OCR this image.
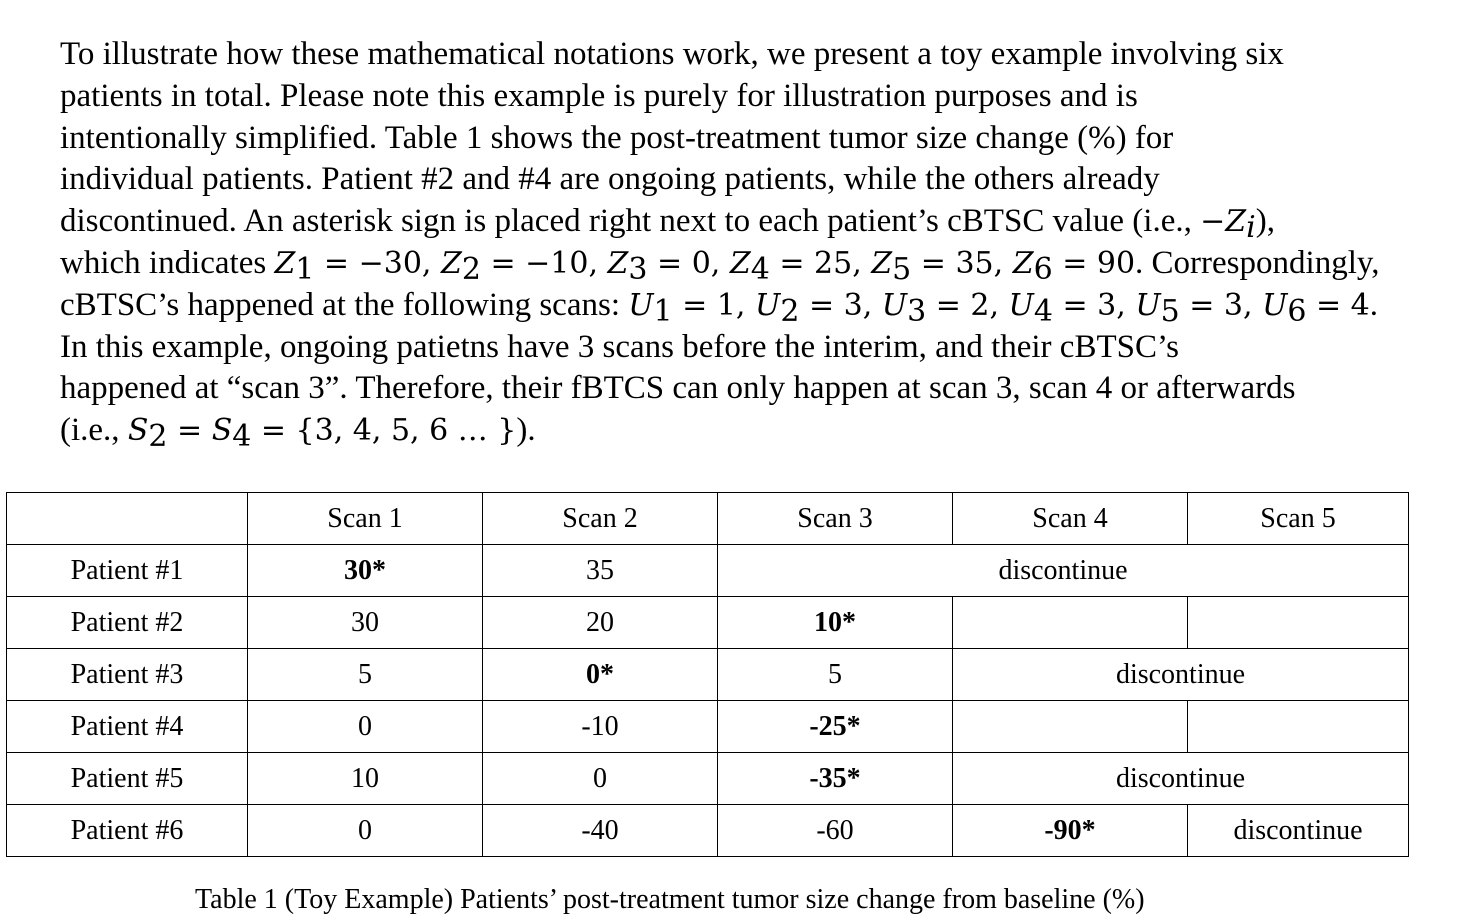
To illustrate how these mathematical notations work, we present a toy example involving six
patients in total. Please note this example is purely for illustration purposes and is
intentionally simplified. Table 1 shows the post-treatment tumor size change (%) for
individual patients. Patient #2 and #4 are ongoing patients, while the others already
discontinued. An asterisk sign is placed right next to each patient’s cBTSC value (i.e., $-Z_i$),
which indicates $Z_1 = -30$, $Z_2 = -10$, $Z_3 = 0$, $Z_4 = 25$, $Z_5 = 35$, $Z_6 = 90$. Correspondingly,
cBTSC’s happened at the following scans: $U_1 = 1$, $U_2 = 3$, $U_3 = 2$, $U_4 = 3$, $U_5 = 3$, $U_6 = 4$.
In this example, ongoing patietns have 3 scans before the interim, and their cBTSC’s
happened at “scan 3”. Therefore, their fBTCS can only happen at scan 3, scan 4 or afterwards
(i.e., $S_2 = S_4 = \{3$, 4, 5, 6 … }).
	Scan 1	Scan 2	Scan 3	Scan 4	Scan 5
Patient #1	30*	35	discontinue		
Patient #2	30	20	10*		
Patient #3	5	0*	5	discontinue	
Patient #4	0	-10	-25*		
Patient #5	10	0	-35*	discontinue	
Patient #6	0	-40	-60	-90*	discontinue
Table 1 (Toy Example) Patients’ post-treatment tumor size change from baseline (%)
